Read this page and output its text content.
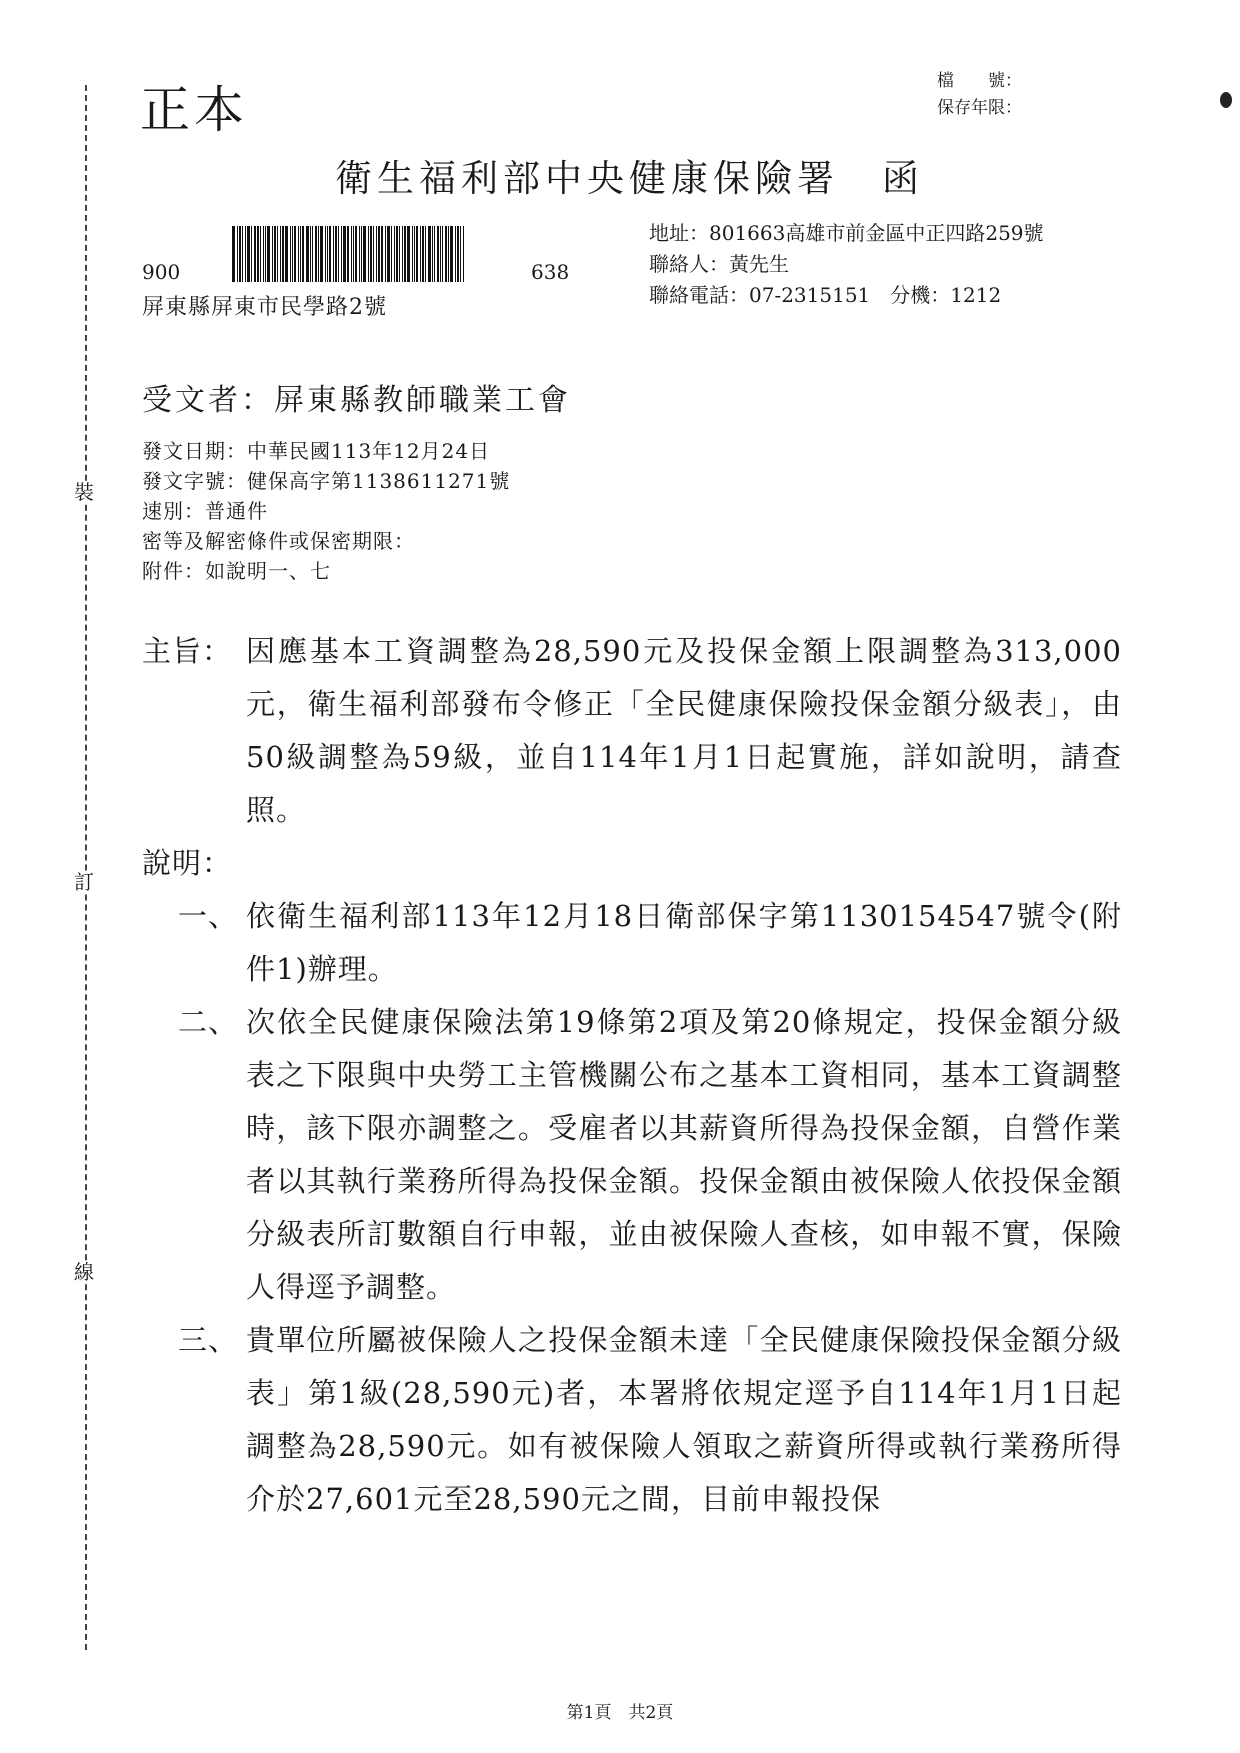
裝
訂
線
正本	檔　　號：
保存年限：
衛生福利部中央健康保險署 函
900	638
屏東縣屏東市民學路2號
地址：801663高雄市前金區中正四路259號
聯絡人：黃先生
聯絡電話：07-2315151　分機：1212
受文者：屏東縣教師職業工會
發文日期：中華民國113年12月24日
發文字號：健保高字第1138611271號
速別：普通件
密等及解密條件或保密期限：
附件：如說明一、七
主旨： 因應基本工資調整為28,590元及投保金額上限調整為313,000元，衛生福利部發布令修正「全民健康保險投保金額分級表」，由50級調整為59級，並自114年1月1日起實施，詳如說明，請查照。
說明：
一、 依衛生福利部113年12月18日衛部保字第1130154547號令(附件1)辦理。
二、 次依全民健康保險法第19條第2項及第20條規定，投保金額分級表之下限與中央勞工主管機關公布之基本工資相同，基本工資調整時，該下限亦調整之。受雇者以其薪資所得為投保金額，自營作業者以其執行業務所得為投保金額。投保金額由被保險人依投保金額分級表所訂數額自行申報，並由被保險人查核，如申報不實，保險人得逕予調整。
三、 貴單位所屬被保險人之投保金額未達「全民健康保險投保金額分級表」第1級(28,590元)者，本署將依規定逕予自114年1月1日起調整為28,590元。如有被保險人領取之薪資所得或執行業務所得介於27,601元至28,590元之間，目前申報投保
第1頁　共2頁
